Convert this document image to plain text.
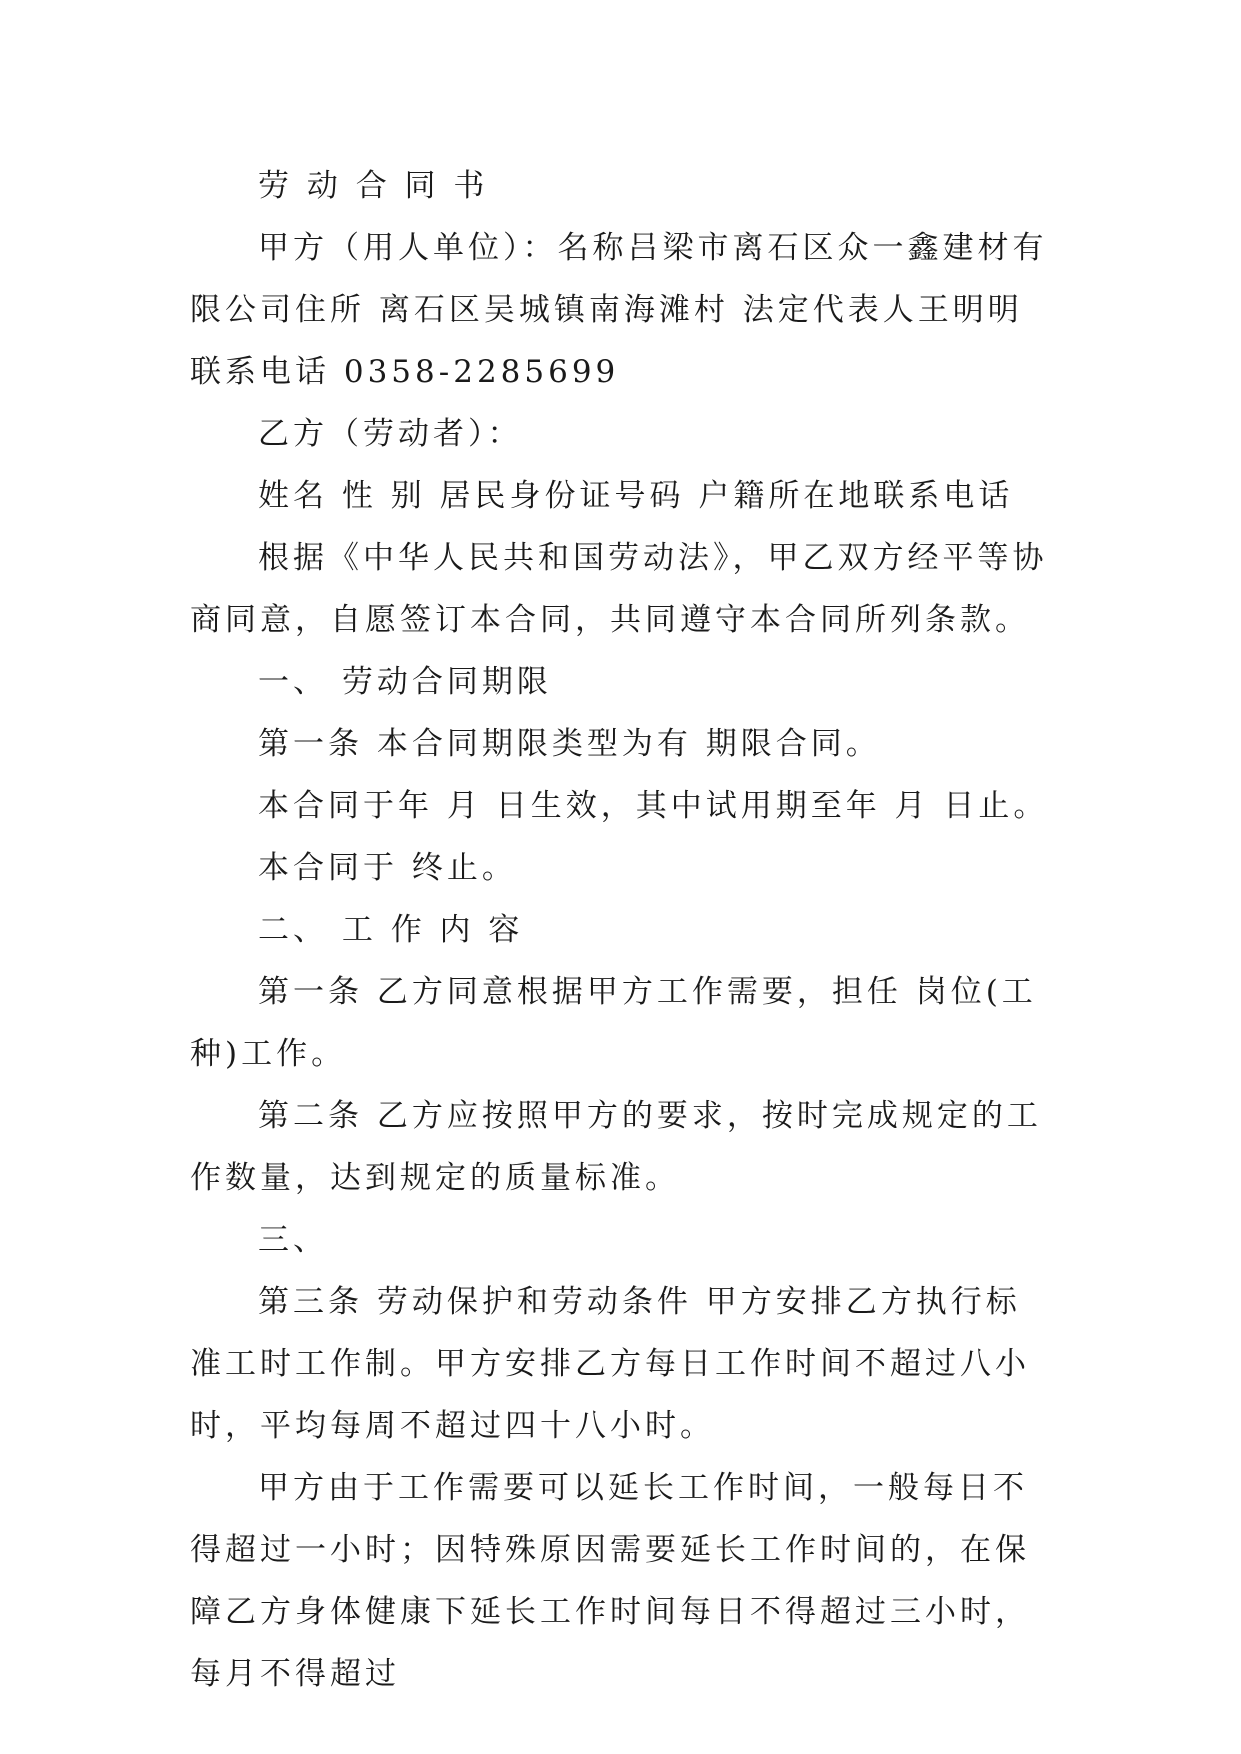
劳 动 合 同 书

甲方（用人单位）：名称吕梁市离石区众一鑫建材有限公司住所 离石区吴城镇南海滩村 法定代表人王明明联系电话 0358-2285699

乙方（劳动者）：

姓名 性 别 居民身份证号码 户籍所在地联系电话

根据《中华人民共和国劳动法》，甲乙双方经平等协商同意，自愿签订本合同，共同遵守本合同所列条款。

一、 劳动合同期限

第一条 本合同期限类型为有 期限合同。

本合同于年 月 日生效，其中试用期至年 月 日止。

本合同于 终止。

二、 工 作 内 容

第一条 乙方同意根据甲方工作需要，担任 岗位(工种)工作。

第二条 乙方应按照甲方的要求，按时完成规定的工作数量，达到规定的质量标准。

三、

第三条 劳动保护和劳动条件 甲方安排乙方执行标准工时工作制。甲方安排乙方每日工作时间不超过八小时，平均每周不超过四十八小时。

甲方由于工作需要可以延长工作时间，一般每日不得超过一小时；因特殊原因需要延长工作时间的，在保障乙方身体健康下延长工作时间每日不得超过三小时，每月不得超过
